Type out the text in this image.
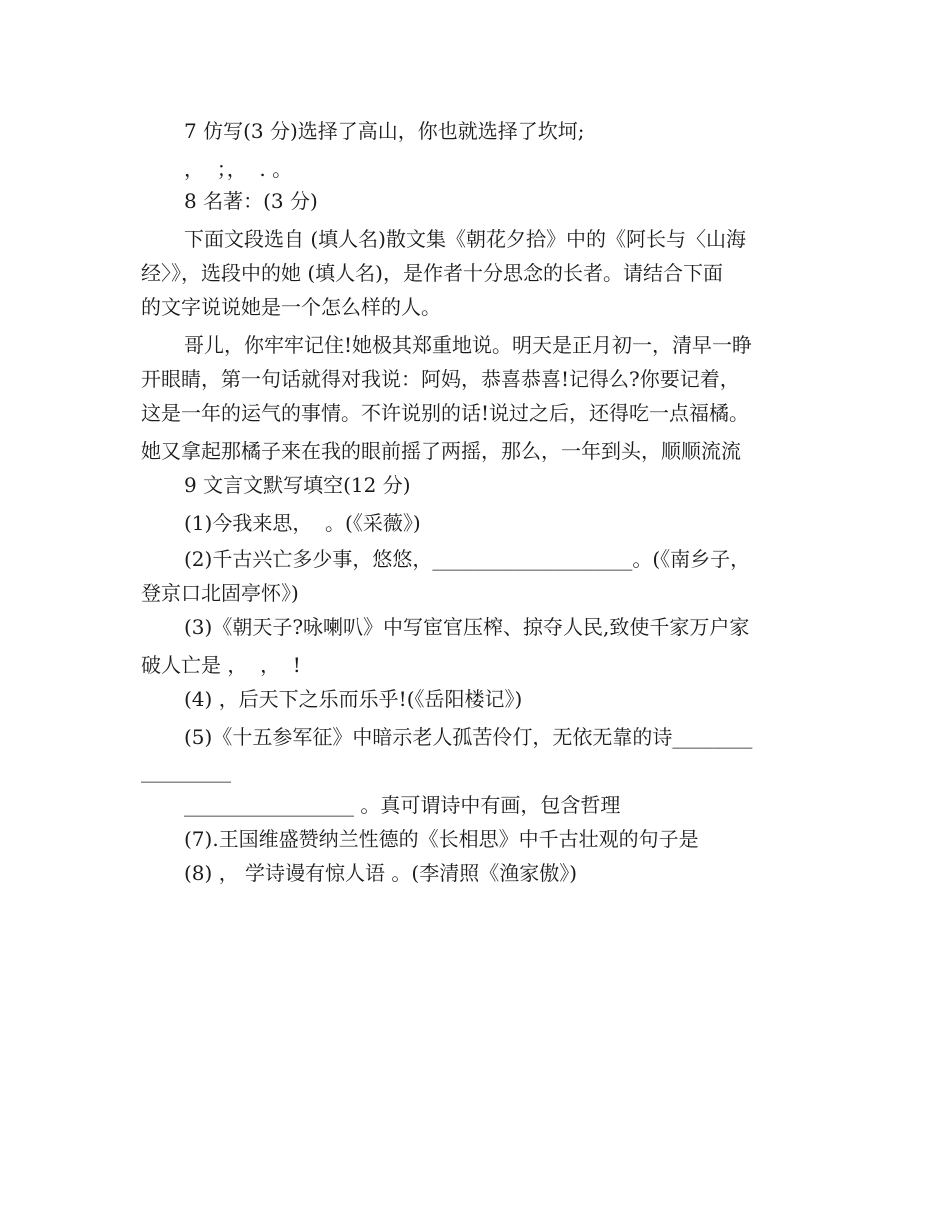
7 仿写(3 分)选择了高山，你也就选择了坎坷;
，  ；，  . 。
8 名著：(3 分)
下面文段选自 (填人名)散文集《朝花夕拾》中的《阿长与〈山海
经〉》，选段中的她 (填人名)，是作者十分思念的长者。请结合下面
的文字说说她是一个怎么样的人。
哥儿，你牢牢记住!她极其郑重地说。明天是正月初一，清早一睁
开眼睛，第一句话就得对我说：阿妈，恭喜恭喜!记得么?你要记着，
这是一年的运气的事情。不许说别的话!说过之后，还得吃一点福橘。
她又拿起那橘子来在我的眼前摇了两摇，那么，一年到头，顺顺流流
9 文言文默写填空(12 分)
(1)今我来思，  。(《采薇》)
(2)千古兴亡多少事，悠悠，____________________。(《南乡子，
登京口北固亭怀》)
(3)《朝天子?咏喇叭》中写宦官压榨、掠夺人民,致使千家万户家
破人亡是 ，  ，  !
(4) ，后天下之乐而乐乎!(《岳阳楼记》)
(5)《十五参军征》中暗示老人孤苦伶仃，无依无靠的诗________
_________
_________________ 。真可谓诗中有画，包含哲理
(7).王国维盛赞纳兰性德的《长相思》中千古壮观的句子是
(8) ， 学诗谩有惊人语 。(李清照《渔家傲》)
